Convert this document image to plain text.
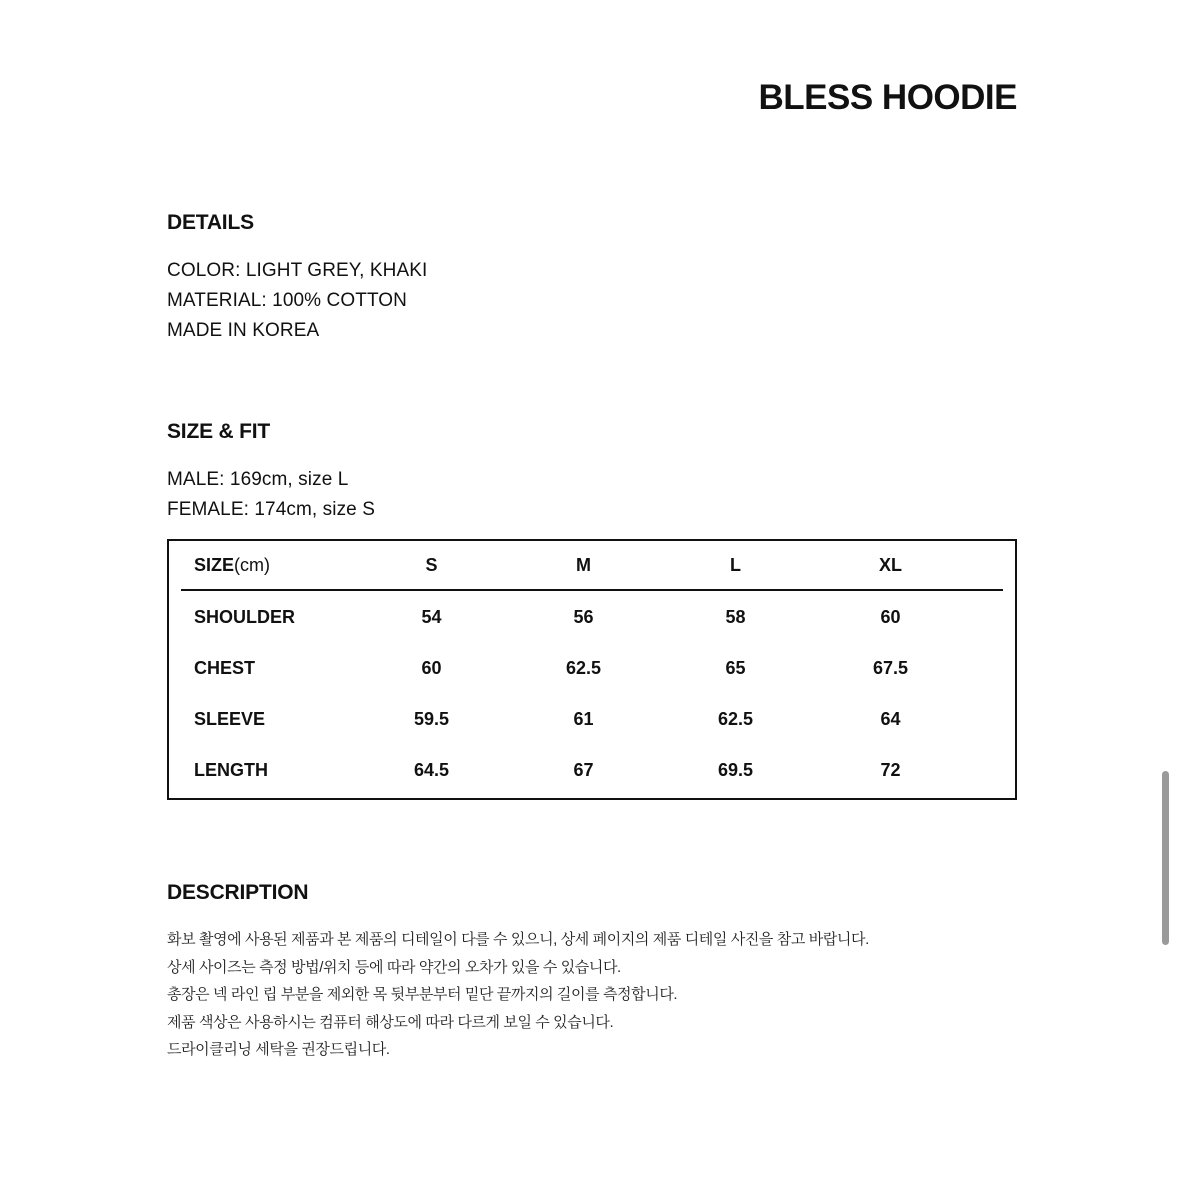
BLESS HOODIE
DETAILS
COLOR: LIGHT GREY, KHAKI
MATERIAL: 100% COTTON
MADE IN KOREA
SIZE & FIT
MALE: 169cm, size L
FEMALE: 174cm, size S
SIZE(cm)	S	M	L	XL
SHOULDER	54	56	58	60
CHEST	60	62.5	65	67.5
SLEEVE	59.5	61	62.5	64
LENGTH	64.5	67	69.5	72
DESCRIPTION
화보 촬영에 사용된 제품과 본 제품의 디테일이 다를 수 있으니, 상세 페이지의 제품 디테일 사진을 참고 바랍니다.
상세 사이즈는 측정 방법/위치 등에 따라 약간의 오차가 있을 수 있습니다.
총장은 넥 라인 립 부분을 제외한 목 뒷부분부터 밑단 끝까지의 길이를 측정합니다.
제품 색상은 사용하시는 컴퓨터 해상도에 따라 다르게 보일 수 있습니다.
드라이클리닝 세탁을 권장드립니다.
